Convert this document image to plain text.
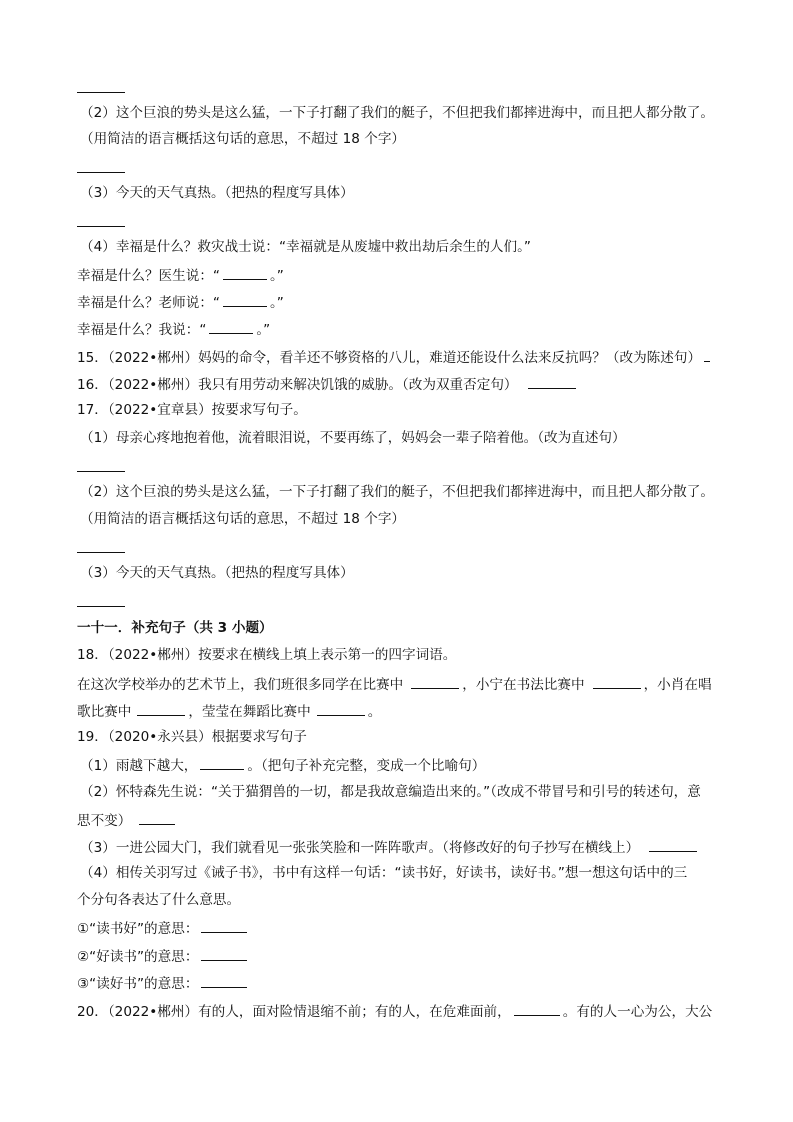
（2）这个巨浪的势头是这么猛，一下子打翻了我们的艇子，不但把我们都摔进海中，而且把人都分散了。
（用简洁的语言概括这句话的意思，不超过 18 个字）
（3）今天的天气真热。（把热的程度写具体）
（4）幸福是什么？救灾战士说：“幸福就是从废墟中救出劫后余生的人们。”
幸福是什么？医生说：“	。”
幸福是什么？老师说：“	。”
幸福是什么？我说：“	。”
15．（2022•郴州）妈妈的命令，看羊还不够资格的八儿，难道还能设什么法来反抗吗？（改为陈述句）
16．（2022•郴州）我只有用劳动来解决饥饿的威胁。（改为双重否定句）
17．（2022•宜章县）按要求写句子。
（1）母亲心疼地抱着他，流着眼泪说，不要再练了，妈妈会一辈子陪着他。（改为直述句）
（2）这个巨浪的势头是这么猛，一下子打翻了我们的艇子，不但把我们都摔进海中，而且把人都分散了。
（用简洁的语言概括这句话的意思，不超过 18 个字）
（3）今天的天气真热。（把热的程度写具体）
一十一．补充句子（共 3 小题）
18．（2022•郴州）按要求在横线上填上表示第一的四字词语。
在这次学校举办的艺术节上，我们班很多同学在比赛中	，小宁在书法比赛中	，小肖在唱
歌比赛中	，莹莹在舞蹈比赛中	。
19．（2020•永兴县）根据要求写句子
（1）雨越下越大，	。（把句子补充完整，变成一个比喻句）
（2）怀特森先生说：“关于猫猬兽的一切，都是我故意编造出来的。”（改成不带冒号和引号的转述句，意
思不变）
（3）一进公园大门，我们就看见一张张笑脸和一阵阵歌声。（将修改好的句子抄写在横线上）
（4）相传关羽写过《诫子书》，书中有这样一句话：“读书好，好读书，读好书。”想一想这句话中的三
个分句各表达了什么意思。
①“读书好”的意思：
②“好读书”的意思：
③“读好书”的意思：
20．（2022•郴州）有的人，面对险情退缩不前；有的人，在危难面前，	。有的人一心为公，大公
